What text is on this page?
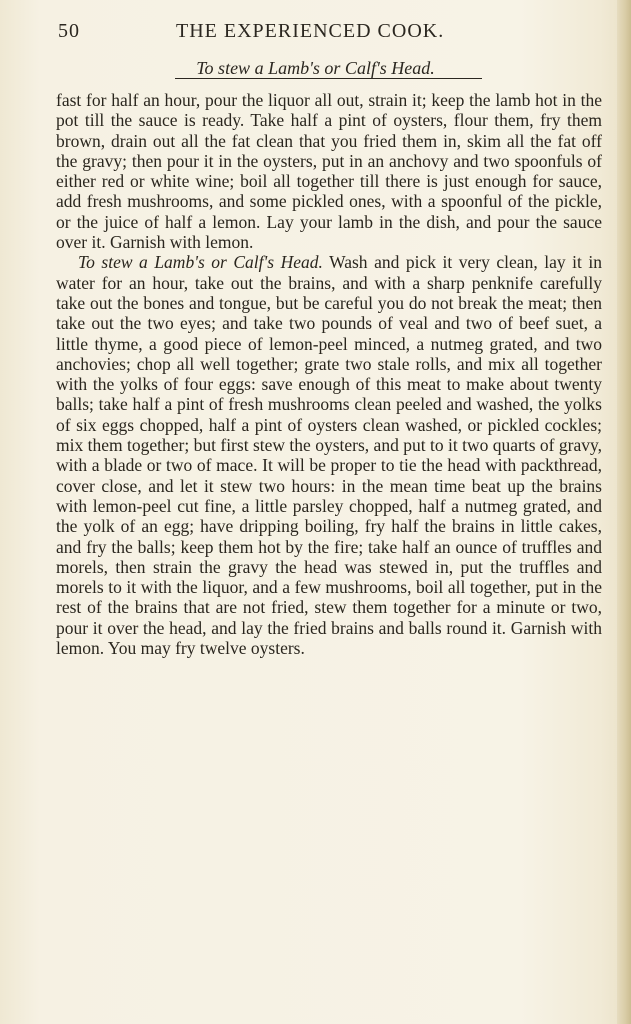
50	THE EXPERIENCED COOK.
To stew a Lamb's or Calf's Head.

fast for half an hour, pour the liquor all out, strain it; keep the lamb hot in the pot till the sauce is ready. Take half a pint of oysters, flour them, fry them brown, drain out all the fat clean that you fried them in, skim all the fat off the gravy; then pour it in the oysters, put in an anchovy and two spoonfuls of either red or white wine; boil all together till there is just enough for sauce, add fresh mushrooms, and some pickled ones, with a spoonful of the pickle, or the juice of half a lemon. Lay your lamb in the dish, and pour the sauce over it. Garnish with lemon.

To stew a Lamb's or Calf's Head. Wash and pick it very clean, lay it in water for an hour, take out the brains, and with a sharp penknife carefully take out the bones and tongue, but be careful you do not break the meat; then take out the two eyes; and take two pounds of veal and two of beef suet, a little thyme, a good piece of lemon-peel minced, a nutmeg grated, and two anchovies; chop all well together; grate two stale rolls, and mix all together with the yolks of four eggs: save enough of this meat to make about twenty balls; take half a pint of fresh mushrooms clean peeled and washed, the yolks of six eggs chopped, half a pint of oysters clean washed, or pickled cockles; mix them together; but first stew the oysters, and put to it two quarts of gravy, with a blade or two of mace. It will be proper to tie the head with packthread, cover close, and let it stew two hours: in the mean time beat up the brains with lemon-peel cut fine, a little parsley chopped, half a nutmeg grated, and the yolk of an egg; have dripping boiling, fry half the brains in little cakes, and fry the balls; keep them hot by the fire; take half an ounce of truffles and morels, then strain the gravy the head was stewed in, put the truffles and morels to it with the liquor, and a few mushrooms, boil all together, put in the rest of the brains that are not fried, stew them together for a minute or two, pour it over the head, and lay the fried brains and balls round it. Garnish with lemon. You may fry twelve oysters.
